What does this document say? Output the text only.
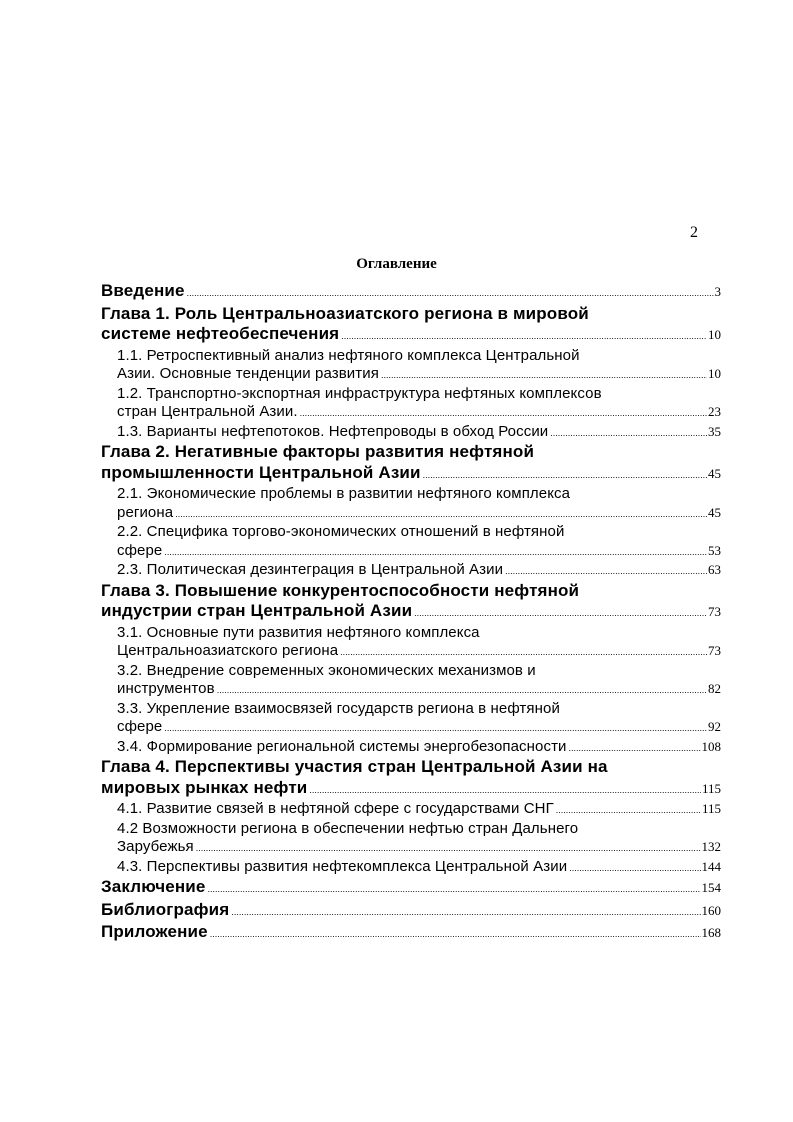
2
Оглавление
Введение .....	3
Глава 1. Роль Центральноазиатского региона в мировой
системе нефтеобеспечения .....	10
1.1. Ретроспективный анализ нефтяного комплекса Центральной
Азии. Основные тенденции развития .....	10
1.2. Транспортно-экспортная инфраструктура нефтяных комплексов
стран Центральной Азии. .....	23
1.3. Варианты нефтепотоков. Нефтепроводы в обход России .....	35
Глава 2. Негативные факторы развития нефтяной
промышленности Центральной Азии .....	45
2.1. Экономические проблемы в развитии нефтяного комплекса
региона .....	45
2.2. Специфика торгово-экономических отношений в нефтяной
сфере .....	53
2.3. Политическая дезинтеграция в Центральной Азии .....	63
Глава 3. Повышение конкурентоспособности нефтяной
индустрии стран Центральной Азии .....	73
3.1. Основные пути развития нефтяного комплекса
Центральноазиатского региона .....	73
3.2. Внедрение современных экономических механизмов и
инструментов .....	82
3.3. Укрепление взаимосвязей государств региона в нефтяной
сфере .....	92
3.4. Формирование региональной системы энергобезопасности .....	108
Глава 4. Перспективы участия стран Центральной Азии на
мировых рынках нефти .....	115
4.1. Развитие связей в нефтяной сфере с государствами СНГ .....	115
4.2 Возможности региона в обеспечении нефтью стран Дальнего
Зарубежья .....	132
4.3. Перспективы развития нефтекомплекса Центральной Азии .....	144
Заключение .....	154
Библиография .....	160
Приложение .....	168
